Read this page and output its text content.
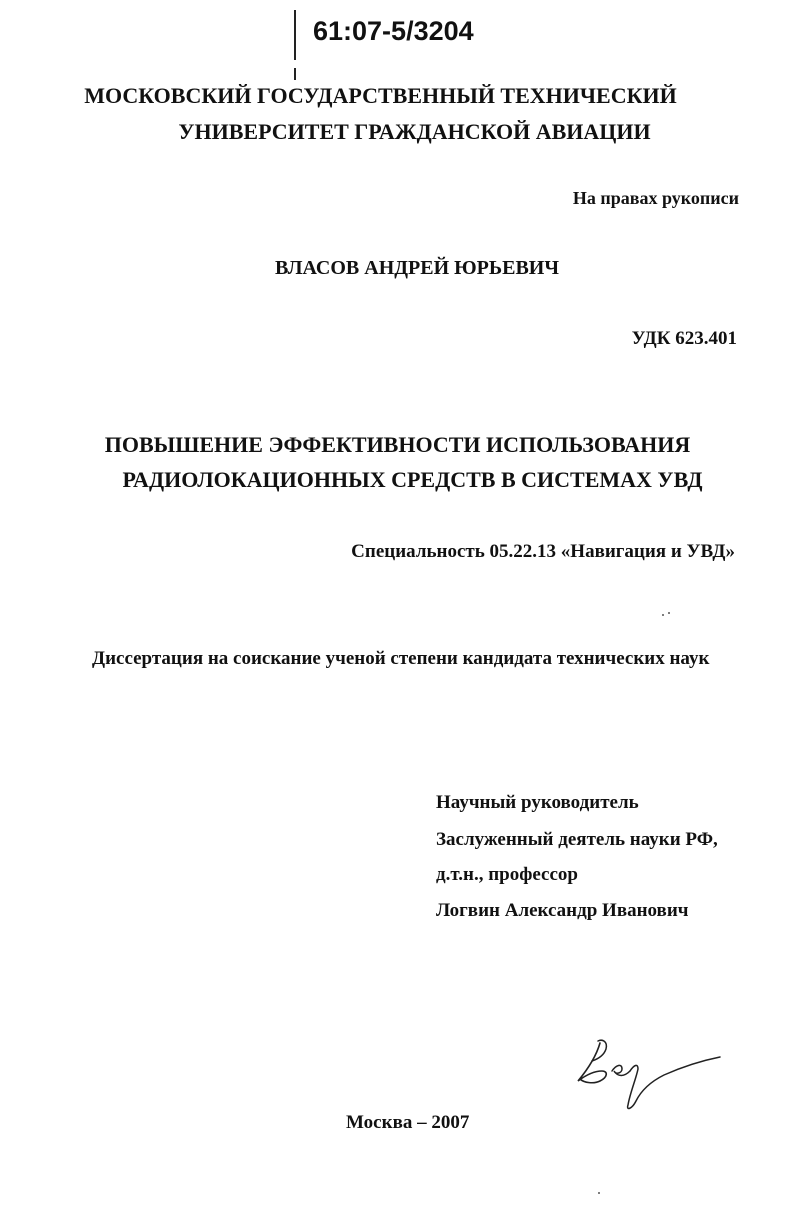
61:07-5/3204
МОСКОВСКИЙ ГОСУДАРСТВЕННЫЙ ТЕХНИЧЕСКИЙ
УНИВЕРСИТЕТ ГРАЖДАНСКОЙ АВИАЦИИ
На правах рукописи
ВЛАСОВ АНДРЕЙ ЮРЬЕВИЧ
УДК 623.401
ПОВЫШЕНИЕ ЭФФЕКТИВНОСТИ ИСПОЛЬЗОВАНИЯ
РАДИОЛОКАЦИОННЫХ СРЕДСТВ В СИСТЕМАХ УВД
Специальность 05.22.13 «Навигация и УВД»
Диссертация на соискание ученой степени кандидата технических наук
Научный руководитель
Заслуженный деятель науки РФ,
д.т.н., профессор
Логвин Александр Иванович
Москва – 2007
